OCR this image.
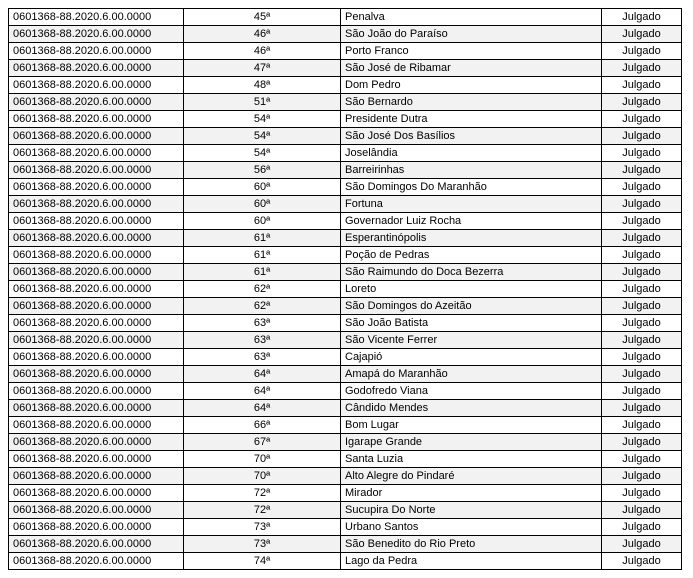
0601368-88.2020.6.00.0000	45ª	Penalva	Julgado
0601368-88.2020.6.00.0000	46ª	São João do Paraíso	Julgado
0601368-88.2020.6.00.0000	46ª	Porto Franco	Julgado
0601368-88.2020.6.00.0000	47ª	São José de Ribamar	Julgado
0601368-88.2020.6.00.0000	48ª	Dom Pedro	Julgado
0601368-88.2020.6.00.0000	51ª	São Bernardo	Julgado
0601368-88.2020.6.00.0000	54ª	Presidente Dutra	Julgado
0601368-88.2020.6.00.0000	54ª	São José Dos Basílios	Julgado
0601368-88.2020.6.00.0000	54ª	Joselândia	Julgado
0601368-88.2020.6.00.0000	56ª	Barreirinhas	Julgado
0601368-88.2020.6.00.0000	60ª	São Domingos Do Maranhão	Julgado
0601368-88.2020.6.00.0000	60ª	Fortuna	Julgado
0601368-88.2020.6.00.0000	60ª	Governador Luiz Rocha	Julgado
0601368-88.2020.6.00.0000	61ª	Esperantinópolis	Julgado
0601368-88.2020.6.00.0000	61ª	Poção de Pedras	Julgado
0601368-88.2020.6.00.0000	61ª	São Raimundo do Doca Bezerra	Julgado
0601368-88.2020.6.00.0000	62ª	Loreto	Julgado
0601368-88.2020.6.00.0000	62ª	São Domingos do Azeitão	Julgado
0601368-88.2020.6.00.0000	63ª	São João Batista	Julgado
0601368-88.2020.6.00.0000	63ª	São Vicente Ferrer	Julgado
0601368-88.2020.6.00.0000	63ª	Cajapió	Julgado
0601368-88.2020.6.00.0000	64ª	Amapá do Maranhão	Julgado
0601368-88.2020.6.00.0000	64ª	Godofredo Viana	Julgado
0601368-88.2020.6.00.0000	64ª	Cândido Mendes	Julgado
0601368-88.2020.6.00.0000	66ª	Bom Lugar	Julgado
0601368-88.2020.6.00.0000	67ª	Igarape Grande	Julgado
0601368-88.2020.6.00.0000	70ª	Santa Luzia	Julgado
0601368-88.2020.6.00.0000	70ª	Alto Alegre do Pindaré	Julgado
0601368-88.2020.6.00.0000	72ª	Mirador	Julgado
0601368-88.2020.6.00.0000	72ª	Sucupira Do Norte	Julgado
0601368-88.2020.6.00.0000	73ª	Urbano Santos	Julgado
0601368-88.2020.6.00.0000	73ª	São Benedito do Rio Preto	Julgado
0601368-88.2020.6.00.0000	74ª	Lago da Pedra	Julgado
